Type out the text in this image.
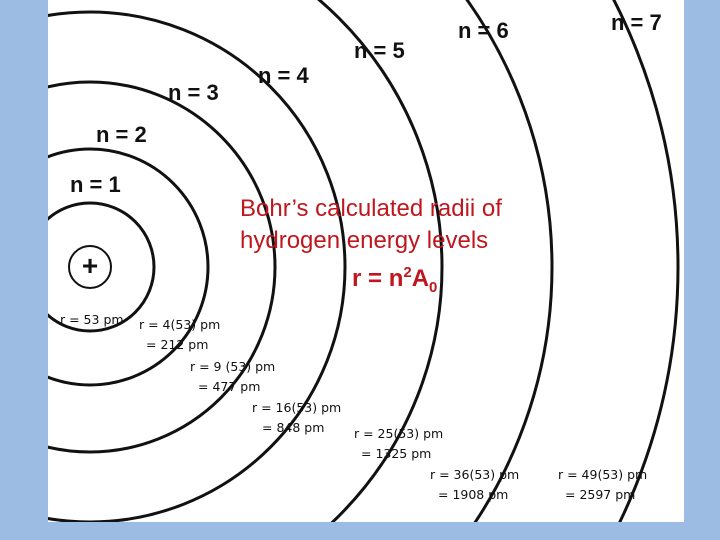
+
n = 1
n = 2
n = 3
n = 4
n = 5
n = 6	n = 7
Bohr’s calculated radii of
hydrogen energy levels
$r = n^2A_0$
r = 53 pm r = 4(53) pm
= 212 pm
r = 9 (53) pm
= 477 pm
r = 16(53) pm
= 848 pm	r = 25(53) pm
= 1325 pm
r = 36(53) pm
= 1908 pm
r = 49(53) pm
= 2597 pm
